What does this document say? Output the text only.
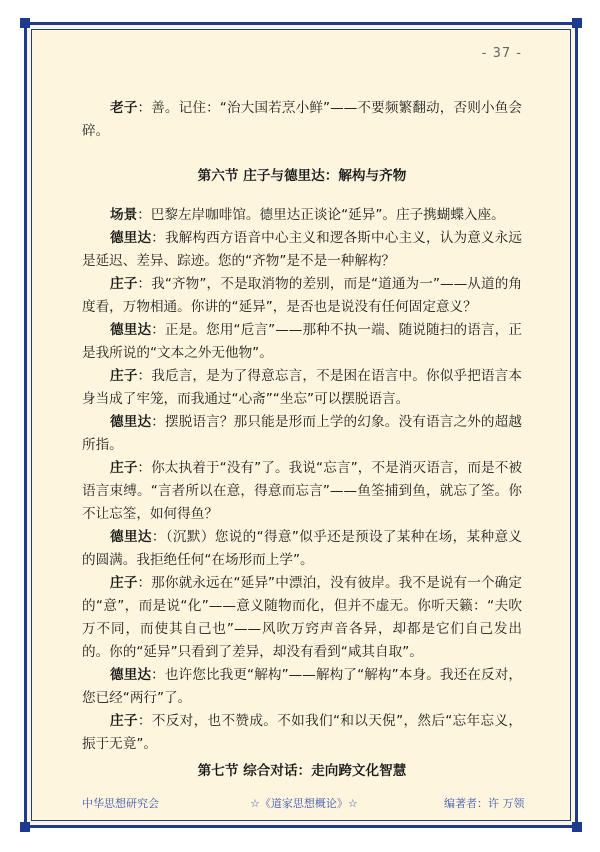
- 37 -

老子：善。记住：“治大国若烹小鲜”——不要频繁翻动，否则小鱼会碎。

第六节 庄子与德里达：解构与齐物

场景：巴黎左岸咖啡馆。德里达正谈论“延异”。庄子携蝴蝶入座。

德里达：我解构西方语音中心主义和逻各斯中心主义，认为意义永远是延迟、差异、踪迹。您的“齐物”是不是一种解构？

庄子：我“齐物”，不是取消物的差别，而是“道通为一”——从道的角度看，万物相通。你讲的“延异”，是否也是说没有任何固定意义？

德里达：正是。您用“卮言”——那种不执一端、随说随扫的语言，正是我所说的“文本之外无他物”。

庄子：我卮言，是为了得意忘言，不是困在语言中。你似乎把语言本身当成了牢笼，而我通过“心斋”“坐忘”可以摆脱语言。

德里达：摆脱语言？那只能是形而上学的幻象。没有语言之外的超越所指。

庄子：你太执着于“没有”了。我说“忘言”，不是消灭语言，而是不被语言束缚。“言者所以在意，得意而忘言”——鱼筌捕到鱼，就忘了筌。你不让忘筌，如何得鱼？

德里达：（沉默）您说的“得意”似乎还是预设了某种在场，某种意义的圆满。我拒绝任何“在场形而上学”。

庄子：那你就永远在“延异”中漂泊，没有彼岸。我不是说有一个确定的“意”，而是说“化”——意义随物而化，但并不虚无。你听天籁：“夫吹万不同，而使其自己也”——风吹万窍声音各异，却都是它们自己发出的。你的“延异”只看到了差异，却没有看到“咸其自取”。

德里达：也许您比我更“解构”——解构了“解构”本身。我还在反对，您已经“两行”了。

庄子：不反对，也不赞成。不如我们“和以天倪”，然后“忘年忘义，振于无竟”。

第七节 综合对话：走向跨文化智慧
中华思想研究会	☆《道家思想概论》☆	编著者：许 万领
